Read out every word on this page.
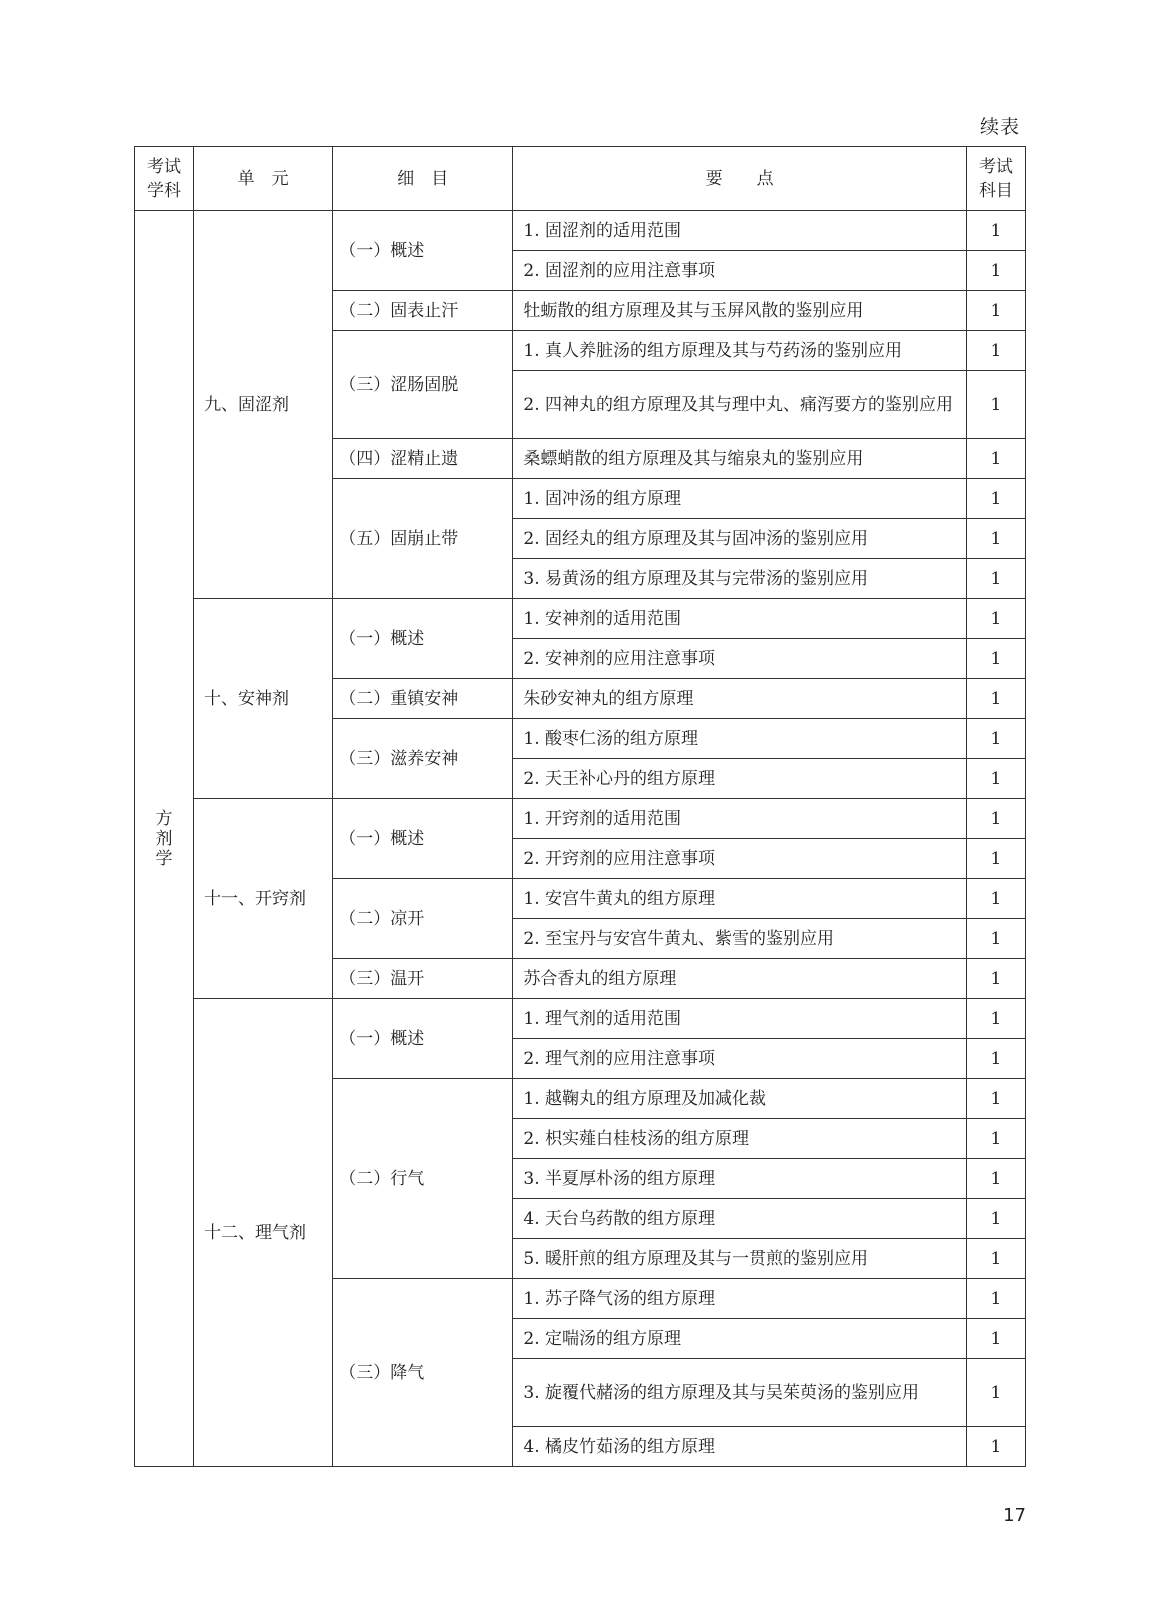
续表
考试学科	单　元	细　目	要　　点	考试科目
方剂学	九、固涩剂	（一）概述	1. 固涩剂的适用范围	1
			2. 固涩剂的应用注意事项	1
		（二）固表止汗	牡蛎散的组方原理及其与玉屏风散的鉴别应用	1
		（三）涩肠固脱	1. 真人养脏汤的组方原理及其与芍药汤的鉴别应用	1
			2. 四神丸的组方原理及其与理中丸、痛泻要方的鉴别应用	1
		（四）涩精止遗	桑螵蛸散的组方原理及其与缩泉丸的鉴别应用	1
		（五）固崩止带	1. 固冲汤的组方原理	1
			2. 固经丸的组方原理及其与固冲汤的鉴别应用	1
			3. 易黄汤的组方原理及其与完带汤的鉴别应用	1
	十、安神剂	（一）概述	1. 安神剂的适用范围	1
			2. 安神剂的应用注意事项	1
		（二）重镇安神	朱砂安神丸的组方原理	1
		（三）滋养安神	1. 酸枣仁汤的组方原理	1
			2. 天王补心丹的组方原理	1
	十一、开窍剂	（一）概述	1. 开窍剂的适用范围	1
			2. 开窍剂的应用注意事项	1
		（二）凉开	1. 安宫牛黄丸的组方原理	1
			2. 至宝丹与安宫牛黄丸、紫雪的鉴别应用	1
		（三）温开	苏合香丸的组方原理	1
	十二、理气剂	（一）概述	1. 理气剂的适用范围	1
			2. 理气剂的应用注意事项	1
		（二）行气	1. 越鞠丸的组方原理及加减化裁	1
			2. 枳实薤白桂枝汤的组方原理	1
			3. 半夏厚朴汤的组方原理	1
			4. 天台乌药散的组方原理	1
			5. 暖肝煎的组方原理及其与一贯煎的鉴别应用	1
		（三）降气	1. 苏子降气汤的组方原理	1
			2. 定喘汤的组方原理	1
			3. 旋覆代赭汤的组方原理及其与吴茱萸汤的鉴别应用	1
			4. 橘皮竹茹汤的组方原理	1
17
